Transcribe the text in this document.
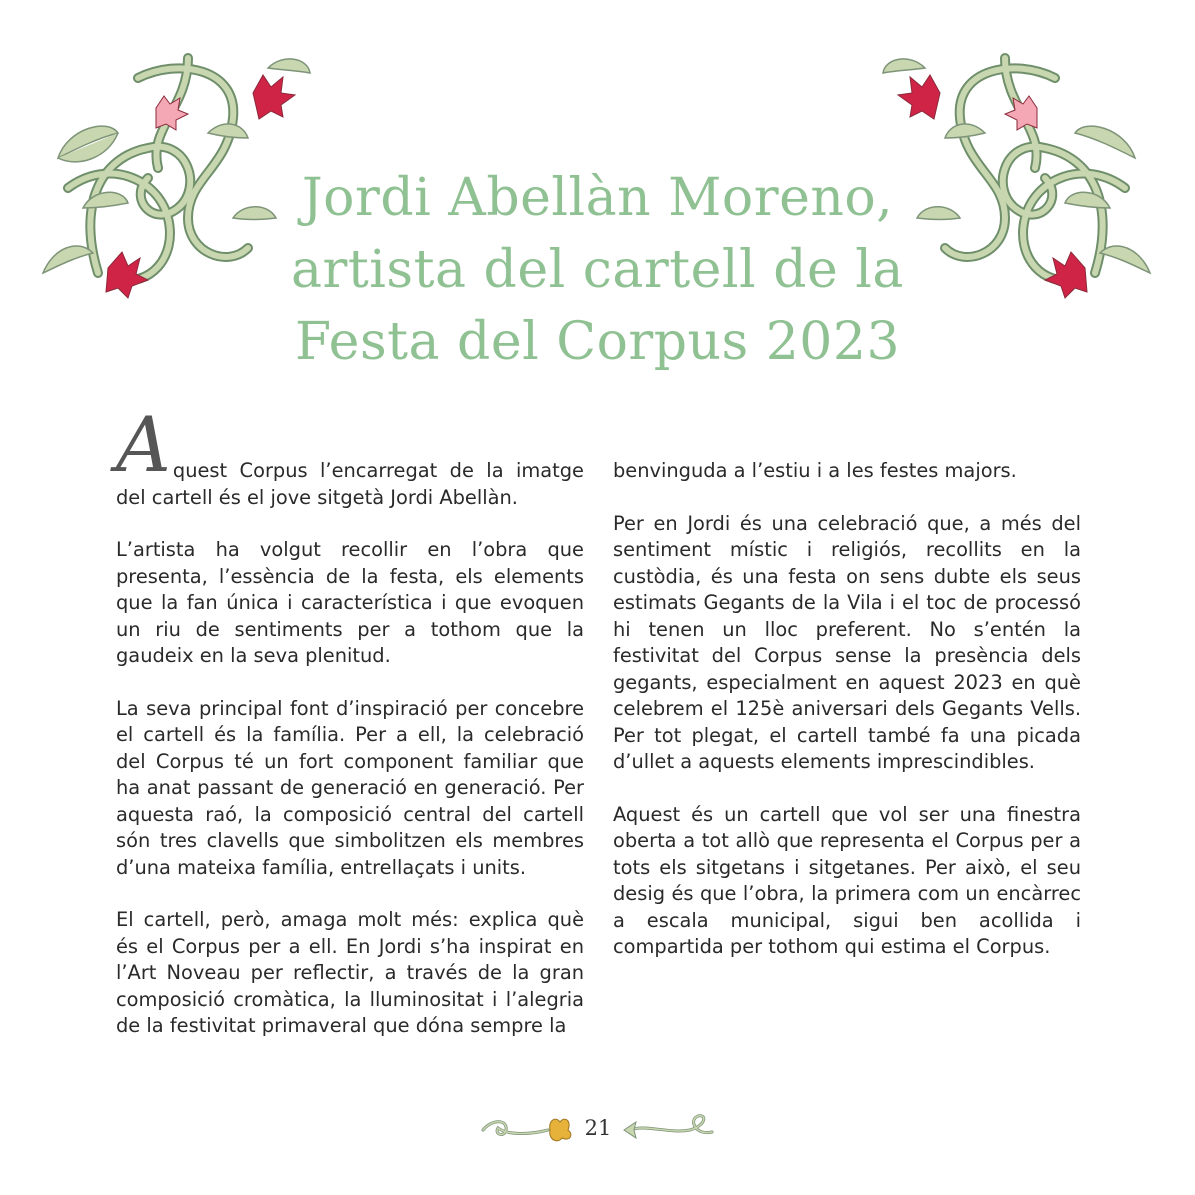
Jordi Abellàn Moreno,
artista del cartell de la
Festa del Corpus 2023

Aquest Corpus l’encarregat de la imatge del cartell és el jove sitgetà Jordi Abellàn.

L’artista ha volgut recollir en l’obra que presenta, l’essència de la festa, els elements que la fan única i característica i que evoquen un riu de sentiments per a tothom que la gaudeix en la seva plenitud.

La seva principal font d’inspiració per concebre el cartell és la família. Per a ell, la celebració del Corpus té un fort component familiar que ha anat passant de generació en generació. Per aquesta raó, la composició central del cartell són tres clavells que simbolitzen els membres d’una mateixa família, entrellaçats i units.

El cartell, però, amaga molt més: explica què és el Corpus per a ell. En Jordi s’ha inspirat en l’Art Noveau per reflectir, a través de la gran composició cromàtica, la lluminositat i l’alegria de la festivitat primaveral que dóna sempre la

benvinguda a l’estiu i a les festes majors.

Per en Jordi és una celebració que, a més del sentiment místic i religiós, recollits en la custòdia, és una festa on sens dubte els seus estimats Gegants de la Vila i el toc de processó hi tenen un lloc preferent. No s’entén la festivitat del Corpus sense la presència dels gegants, especialment en aquest 2023 en què celebrem el 125è aniversari dels Gegants Vells. Per tot plegat, el cartell també fa una picada d’ullet a aquests elements imprescindibles.

Aquest és un cartell que vol ser una finestra oberta a tot allò que representa el Corpus per a tots els sitgetans i sitgetanes. Per això, el seu desig és que l’obra, la primera com un encàrrec a escala municipal, sigui ben acollida i compartida per tothom qui estima el Corpus.

21
